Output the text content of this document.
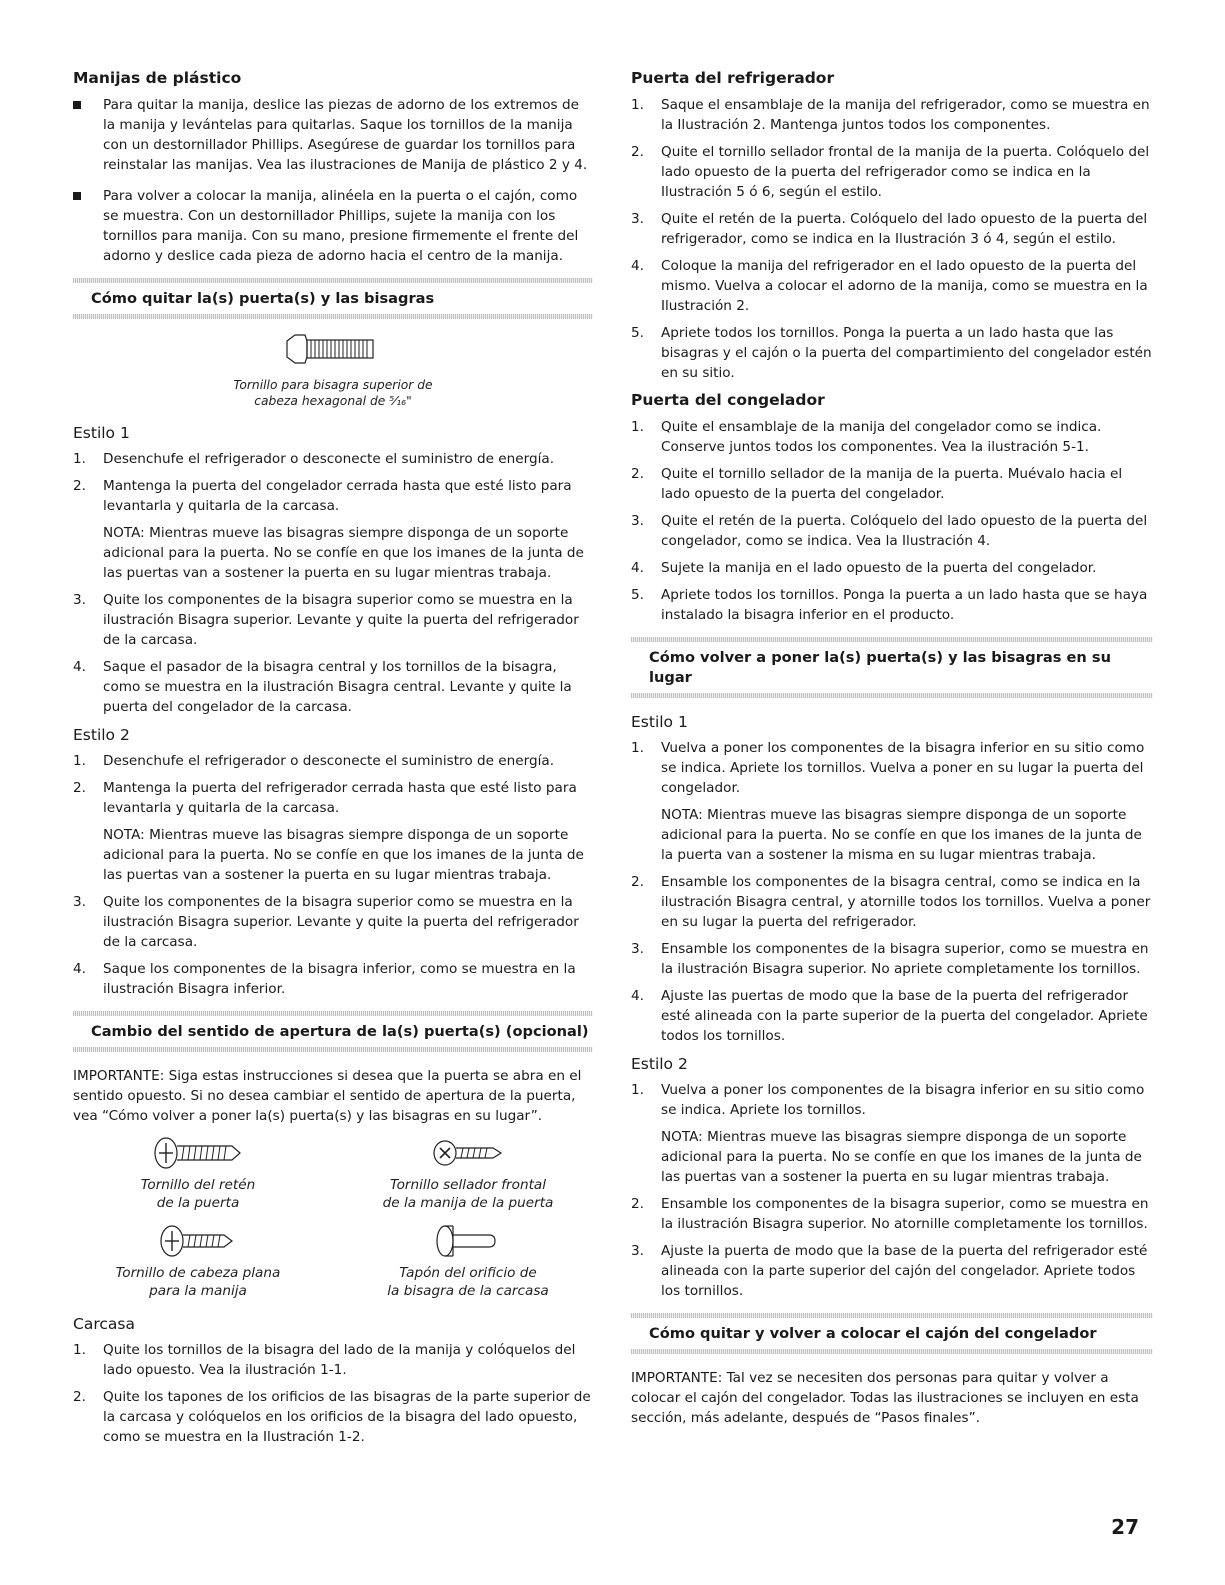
Manijas de plástico
Para quitar la manija, deslice las piezas de adorno de los extremos de la manija y levántelas para quitarlas. Saque los tornillos de la manija con un destornillador Phillips. Asegúrese de guardar los tornillos para reinstalar las manijas. Vea las ilustraciones de Manija de plástico 2 y 4.
Para volver a colocar la manija, alinéela en la puerta o el cajón, como se muestra. Con un destornillador Phillips, sujete la manija con los tornillos para manija. Con su mano, presione firmemente el frente del adorno y deslice cada pieza de adorno hacia el centro de la manija.
Cómo quitar la(s) puerta(s) y las bisagras
Tornillo para bisagra superior de
cabeza hexagonal de ⁵⁄₁₆"
Estilo 1
1. Desenchufe el refrigerador o desconecte el suministro de energía.
2. Mantenga la puerta del congelador cerrada hasta que esté listo para levantarla y quitarla de la carcasa.

NOTA: Mientras mueve las bisagras siempre disponga de un soporte adicional para la puerta. No se confíe en que los imanes de la junta de las puertas van a sostener la puerta en su lugar mientras trabaja.

3. Quite los componentes de la bisagra superior como se muestra en la ilustración Bisagra superior. Levante y quite la puerta del refrigerador de la carcasa.
4. Saque el pasador de la bisagra central y los tornillos de la bisagra, como se muestra en la ilustración Bisagra central. Levante y quite la puerta del congelador de la carcasa.
Estilo 2
1. Desenchufe el refrigerador o desconecte el suministro de energía.
2. Mantenga la puerta del refrigerador cerrada hasta que esté listo para levantarla y quitarla de la carcasa.

NOTA: Mientras mueve las bisagras siempre disponga de un soporte adicional para la puerta. No se confíe en que los imanes de la junta de las puertas van a sostener la puerta en su lugar mientras trabaja.

3. Quite los componentes de la bisagra superior como se muestra en la ilustración Bisagra superior. Levante y quite la puerta del refrigerador de la carcasa.
4. Saque los componentes de la bisagra inferior, como se muestra en la ilustración Bisagra inferior.
Cambio del sentido de apertura de la(s) puerta(s) (opcional)

IMPORTANTE: Siga estas instrucciones si desea que la puerta se abra en el sentido opuesto. Si no desea cambiar el sentido de apertura de la puerta, vea “Cómo volver a poner la(s) puerta(s) y las bisagras en su lugar”.

Tornillo del retén
de la puerta
Tornillo sellador frontal
de la manija de la puerta
Tornillo de cabeza plana
para la manija
Tapón del orificio de
la bisagra de la carcasa
Carcasa
1. Quite los tornillos de la bisagra del lado de la manija y colóquelos del lado opuesto. Vea la ilustración 1-1.
2. Quite los tapones de los orificios de las bisagras de la parte superior de la carcasa y colóquelos en los orificios de la bisagra del lado opuesto, como se muestra en la Ilustración 1-2.
Puerta del refrigerador
1. Saque el ensamblaje de la manija del refrigerador, como se muestra en la Ilustración 2. Mantenga juntos todos los componentes.
2. Quite el tornillo sellador frontal de la manija de la puerta. Colóquelo del lado opuesto de la puerta del refrigerador como se indica en la Ilustración 5 ó 6, según el estilo.
3. Quite el retén de la puerta. Colóquelo del lado opuesto de la puerta del refrigerador, como se indica en la Ilustración 3 ó 4, según el estilo.
4. Coloque la manija del refrigerador en el lado opuesto de la puerta del mismo. Vuelva a colocar el adorno de la manija, como se muestra en la Ilustración 2.
5. Apriete todos los tornillos. Ponga la puerta a un lado hasta que las bisagras y el cajón o la puerta del compartimiento del congelador estén en su sitio.
Puerta del congelador
1. Quite el ensamblaje de la manija del congelador como se indica. Conserve juntos todos los componentes. Vea la ilustración 5-1.
2. Quite el tornillo sellador de la manija de la puerta. Muévalo hacia el lado opuesto de la puerta del congelador.
3. Quite el retén de la puerta. Colóquelo del lado opuesto de la puerta del congelador, como se indica. Vea la Ilustración 4.
4. Sujete la manija en el lado opuesto de la puerta del congelador.
5. Apriete todos los tornillos. Ponga la puerta a un lado hasta que se haya instalado la bisagra inferior en el producto.
Cómo volver a poner la(s) puerta(s) y las bisagras en su lugar
Estilo 1
1. Vuelva a poner los componentes de la bisagra inferior en su sitio como se indica. Apriete los tornillos. Vuelva a poner en su lugar la puerta del congelador.

NOTA: Mientras mueve las bisagras siempre disponga de un soporte adicional para la puerta. No se confíe en que los imanes de la junta de la puerta van a sostener la misma en su lugar mientras trabaja.

2. Ensamble los componentes de la bisagra central, como se indica en la ilustración Bisagra central, y atornille todos los tornillos. Vuelva a poner en su lugar la puerta del refrigerador.
3. Ensamble los componentes de la bisagra superior, como se muestra en la ilustración Bisagra superior. No apriete completamente los tornillos.
4. Ajuste las puertas de modo que la base de la puerta del refrigerador esté alineada con la parte superior de la puerta del congelador. Apriete todos los tornillos.
Estilo 2
1. Vuelva a poner los componentes de la bisagra inferior en su sitio como se indica. Apriete los tornillos.

NOTA: Mientras mueve las bisagras siempre disponga de un soporte adicional para la puerta. No se confíe en que los imanes de la junta de las puertas van a sostener la puerta en su lugar mientras trabaja.

2. Ensamble los componentes de la bisagra superior, como se muestra en la ilustración Bisagra superior. No atornille completamente los tornillos.
3. Ajuste la puerta de modo que la base de la puerta del refrigerador esté alineada con la parte superior del cajón del congelador. Apriete todos los tornillos.
Cómo quitar y volver a colocar el cajón del congelador

IMPORTANTE: Tal vez se necesiten dos personas para quitar y volver a colocar el cajón del congelador. Todas las ilustraciones se incluyen en esta sección, más adelante, después de “Pasos finales”.

27
